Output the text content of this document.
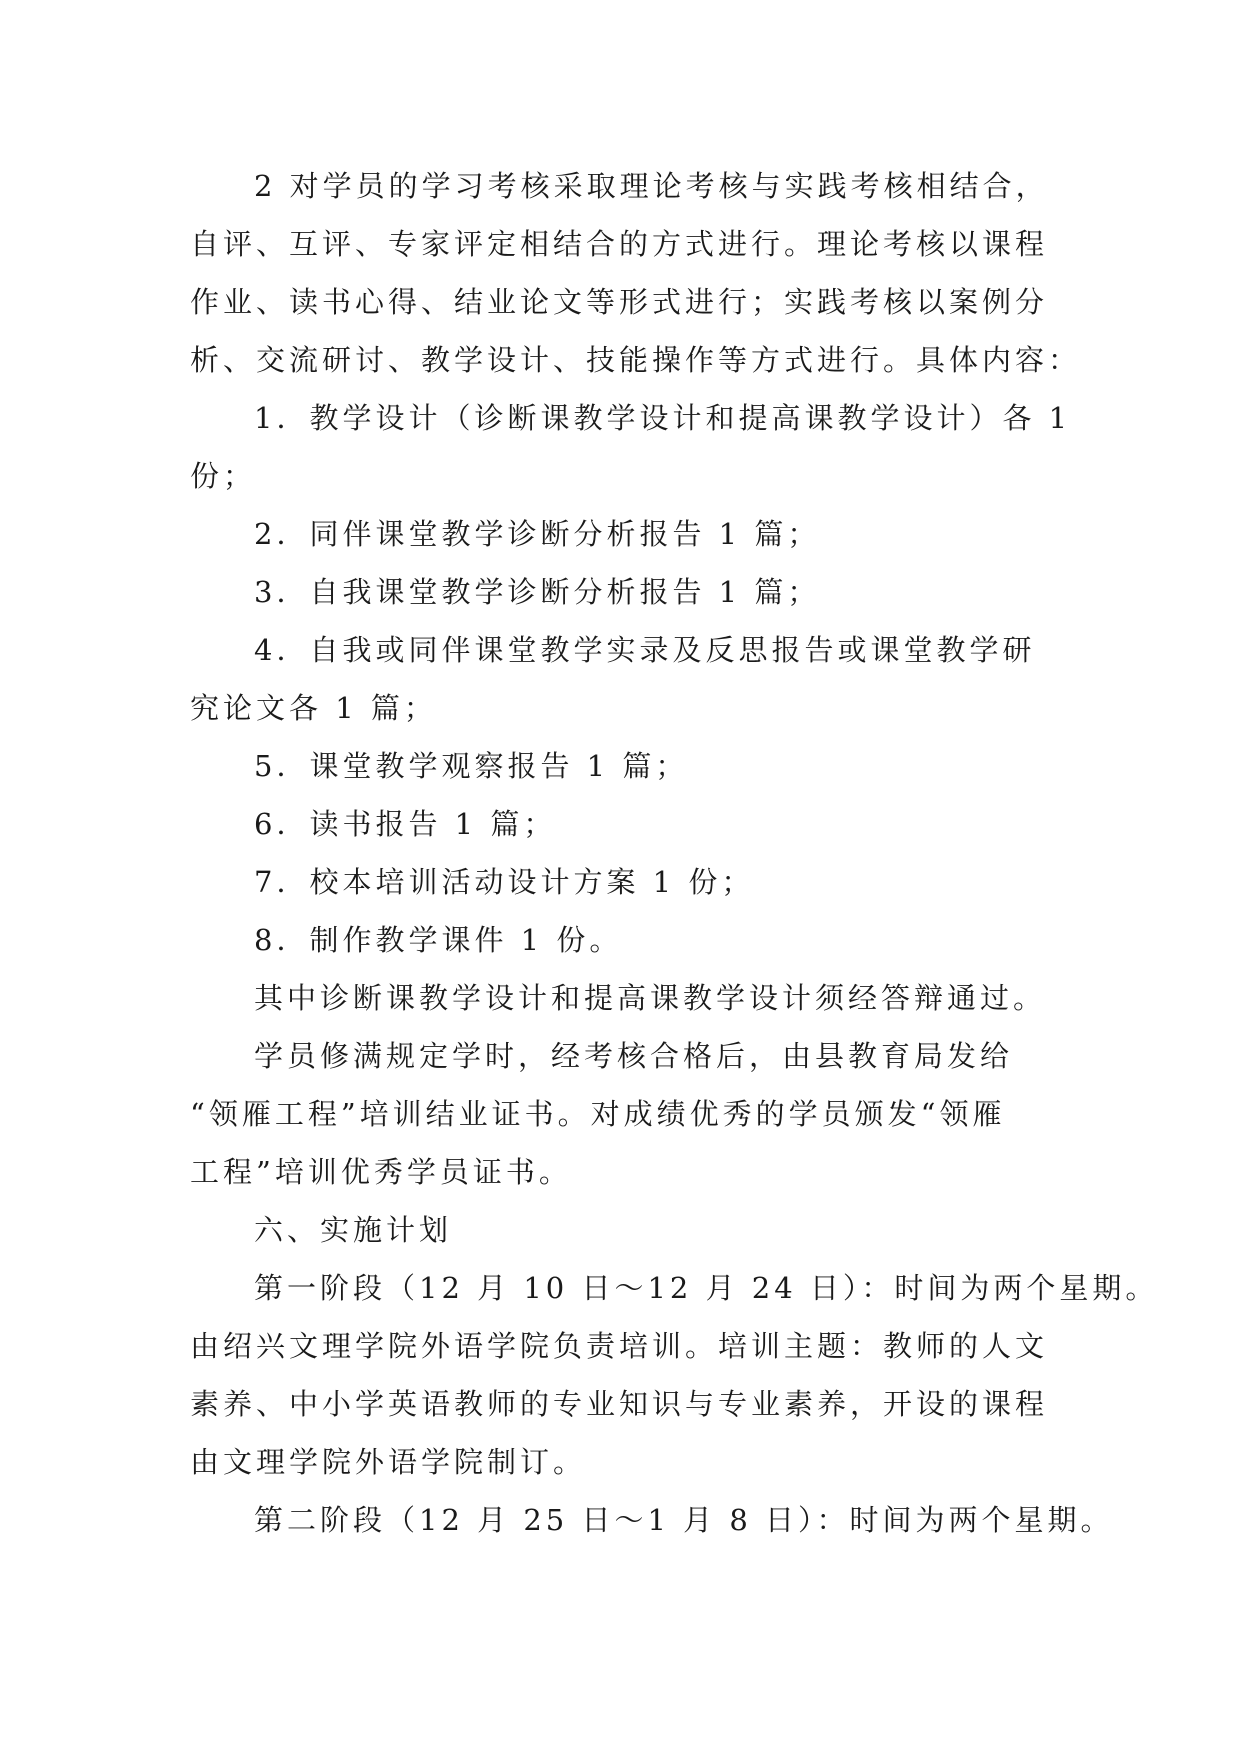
2 对学员的学习考核采取理论考核与实践考核相结合，
自评、互评、专家评定相结合的方式进行。理论考核以课程
作业、读书心得、结业论文等形式进行；实践考核以案例分
析、交流研讨、教学设计、技能操作等方式进行。具体内容：
1．教学设计（诊断课教学设计和提高课教学设计）各 1
份；
2．同伴课堂教学诊断分析报告 1 篇；
3．自我课堂教学诊断分析报告 1 篇；
4．自我或同伴课堂教学实录及反思报告或课堂教学研
究论文各 1 篇；
5．课堂教学观察报告 1 篇；
6．读书报告 1 篇；
7．校本培训活动设计方案 1 份；
8．制作教学课件 1 份。
其中诊断课教学设计和提高课教学设计须经答辩通过。
学员修满规定学时，经考核合格后，由县教育局发给
“领雁工程”培训结业证书。对成绩优秀的学员颁发“领雁
工程”培训优秀学员证书。
六、实施计划
第一阶段（12 月 10 日～12 月 24 日）：时间为两个星期。
由绍兴文理学院外语学院负责培训。培训主题：教师的人文
素养、中小学英语教师的专业知识与专业素养，开设的课程
由文理学院外语学院制订。
第二阶段（12 月 25 日～1 月 8 日）：时间为两个星期。
